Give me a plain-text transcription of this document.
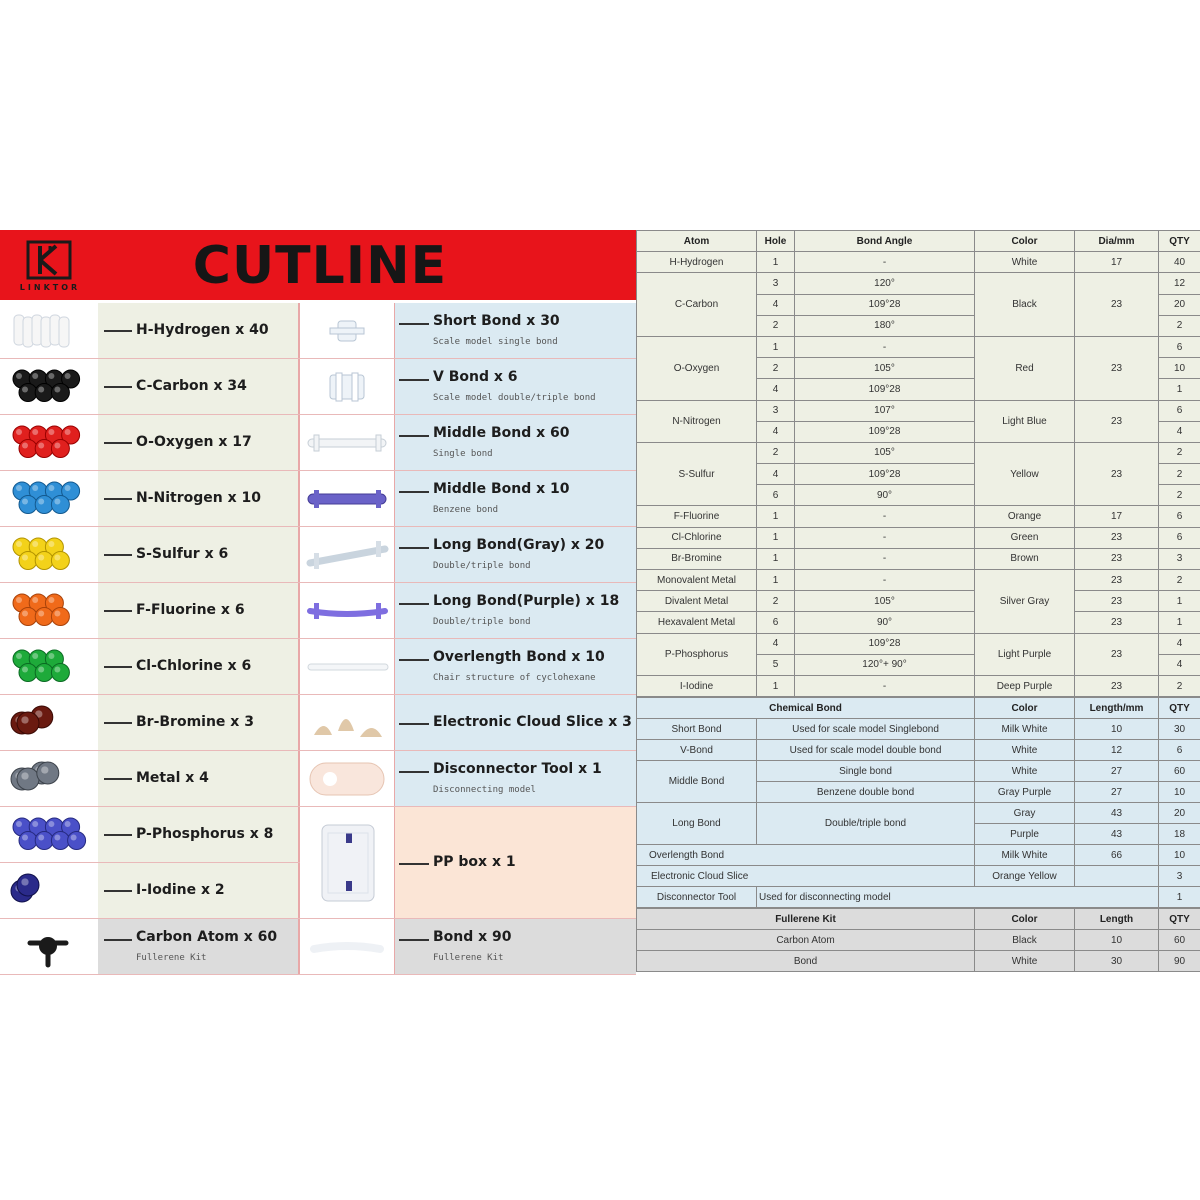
LINKTOR	CUTLINE
H-Hydrogen x 40
C-Carbon x 34
O-Oxygen x 17
N-Nitrogen x 10
S-Sulfur x 6
F-Fluorine x 6
Cl-Chlorine x 6
Br-Bromine x 3
Metal x 4
P-Phosphorus x 8
I-Iodine x 2
Carbon Atom x 60
Fullerene Kit
Short Bond x 30
Scale model single bond
V Bond x 6
Scale model double/triple bond
Middle Bond x 60
Single bond
Middle Bond x 10
Benzene bond
Long Bond(Gray) x 20
Double/triple bond
Long Bond(Purple) x 18
Double/triple bond
Overlength Bond x 10
Chair structure of cyclohexane
Electronic Cloud Slice x 3
Disconnector Tool x 1
Disconnecting model
PP box x 1
Bond x 90
Fullerene Kit
Atom	Hole	Bond Angle	Color	Dia/mm	QTY
H-Hydrogen	1	-	White	17	40
C-Carbon	3	120°	Black	23	12
	4	109°28			20
	2	180°			2
O-Oxygen	1	-	Red	23	6
	2	105°			10
	4	109°28			1
N-Nitrogen	3	107°	Light Blue	23	6
	4	109°28			4
S-Sulfur	2	105°	Yellow	23	2
	4	109°28			2
	6	90°			2
F-Fluorine	1	-	Orange	17	6
Cl-Chlorine	1	-	Green	23	6
Br-Bromine	1	-	Brown	23	3
Monovalent Metal	1	-	Silver Gray	23	2
Divalent Metal	2	105°		23	1
Hexavalent Metal	6	90°		23	1
P-Phosphorus	4	109°28	Light Purple	23	4
	5	120°+ 90°			4
I-Iodine	1	-	Deep Purple	23	2
Chemical Bond		Color	Length/mm	QTY
Short Bond	Used for scale model Singlebond	Milk White	10	30
V-Bond	Used for scale model double bond	White	12	6
Middle Bond	Single bond	White	27	60
	Benzene double bond	Gray Purple	27	10
Long Bond	Double/triple bond	Gray	43	20
		Purple	43	18
Overlength Bond		Milk White	66	10
Electronic Cloud Slice		Orange Yellow		3
Disconnector Tool	Used for disconnecting model			1
Fullerene Kit	Color	Length	QTY
Carbon Atom	Black	10	60
Bond	White	30	90
